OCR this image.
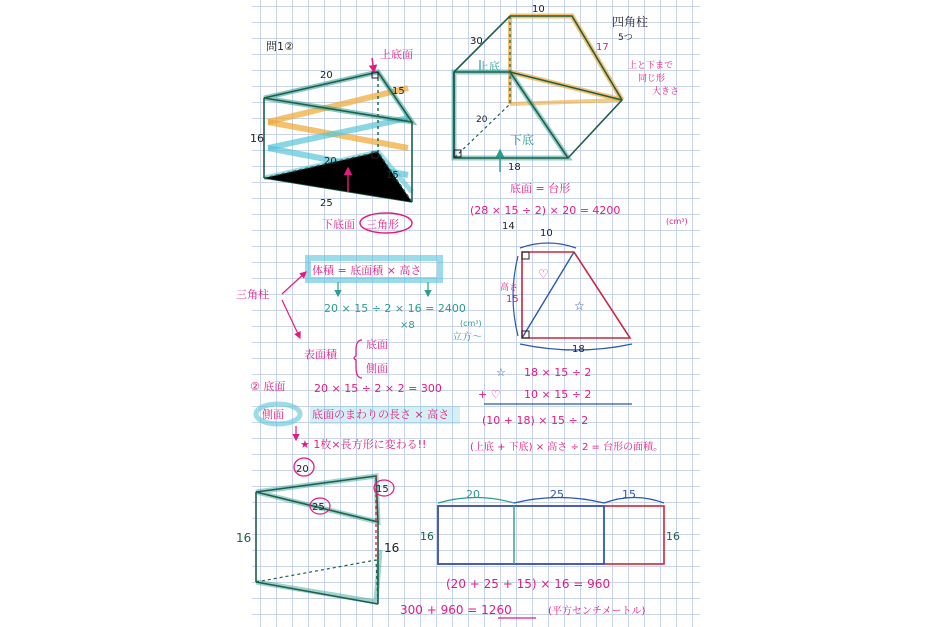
問1②
上底面
20
15
16
20
15
25
下底面 三角形
10
30
17
20
18
上底
下底
四角柱
5つ
上と下まで
同じ形
大きさ
底面 = 台形
(28 × 15 ÷ 2) × 20 = 4200
14	(cm³)
体積 = 底面積 × 高さ
三角柱
20 × 15 ÷ 2 × 16 = 2400
×8	(cm³)
立方〜
表面積
底面
側面
♡
☆
10
15
高さ
18
② 底面	20 × 15 ÷ 2 × 2 = 300
側面	底面のまわりの長さ × 高さ
★ 1枚×長方形に変わる!!
☆ 18 × 15 ÷ 2
+ ♡ 10 × 15 ÷ 2
(10 + 18) × 15 ÷ 2
(上底 + 下底) × 高さ ÷ 2 = 台形の面積。
20
25
15
16
16
20	25	15
16	16
(20 + 25 + 15) × 16 = 960
300 + 960 = 1260	(平方センチメートル)
